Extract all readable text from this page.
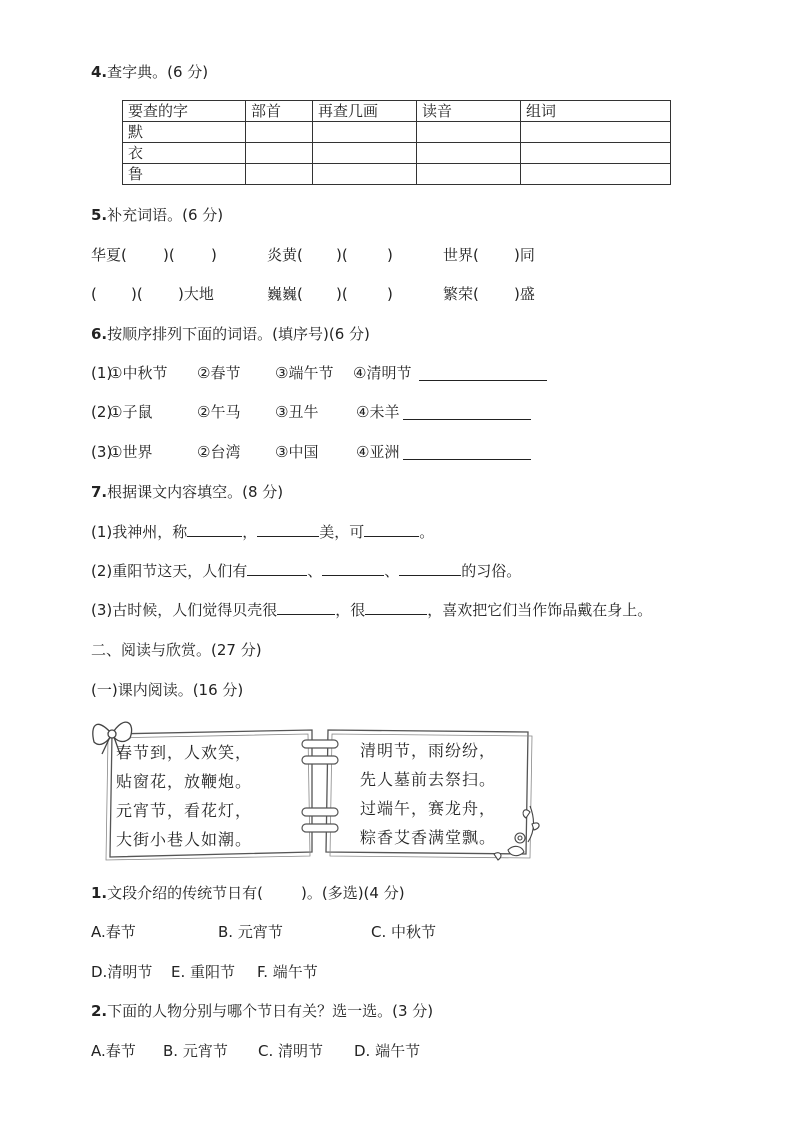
4.查字典。(6 分)
要查的字	部首	再查几画	读音	组词
默				
衣				
鲁				
5.补充词语。(6 分)
华夏( )( )	炎黄( )(	)	世界( )同
( )( )大地	巍巍( )(	)	繁荣( )盛
6.按顺序排列下面的词语。(填序号)(6 分)
(1)
①中秋节 ②春节 ③端午节 ④清明节
(2)
①子鼠	②午马 ③丑牛	④未羊
(3)
①世界	②台湾 ③中国	④亚洲
7.根据课文内容填空。(8 分)
(1)我神州，称	，	美，可	。
(2)重阳节这天，人们有	、	、	的习俗。
(3)古时候，人们觉得贝壳很	，很	，喜欢把它们当作饰品戴在身上。
二、阅读与欣赏。(27 分)
(一)课内阅读。(16 分)
春节到，人欢笑，
贴窗花，放鞭炮。
元宵节，看花灯，
大街小巷人如潮。
清明节，雨纷纷，
先人墓前去祭扫。
过端午，赛龙舟，
粽香艾香满堂飘。
1.文段介绍的传统节日有(	)。(多选)(4 分)
A.春节	B. 元宵节	C. 中秋节
D.清明节 E. 重阳节 F. 端午节
2.下面的人物分别与哪个节日有关？选一选。(3 分)
A.春节 B. 元宵节 C. 清明节 D. 端午节
